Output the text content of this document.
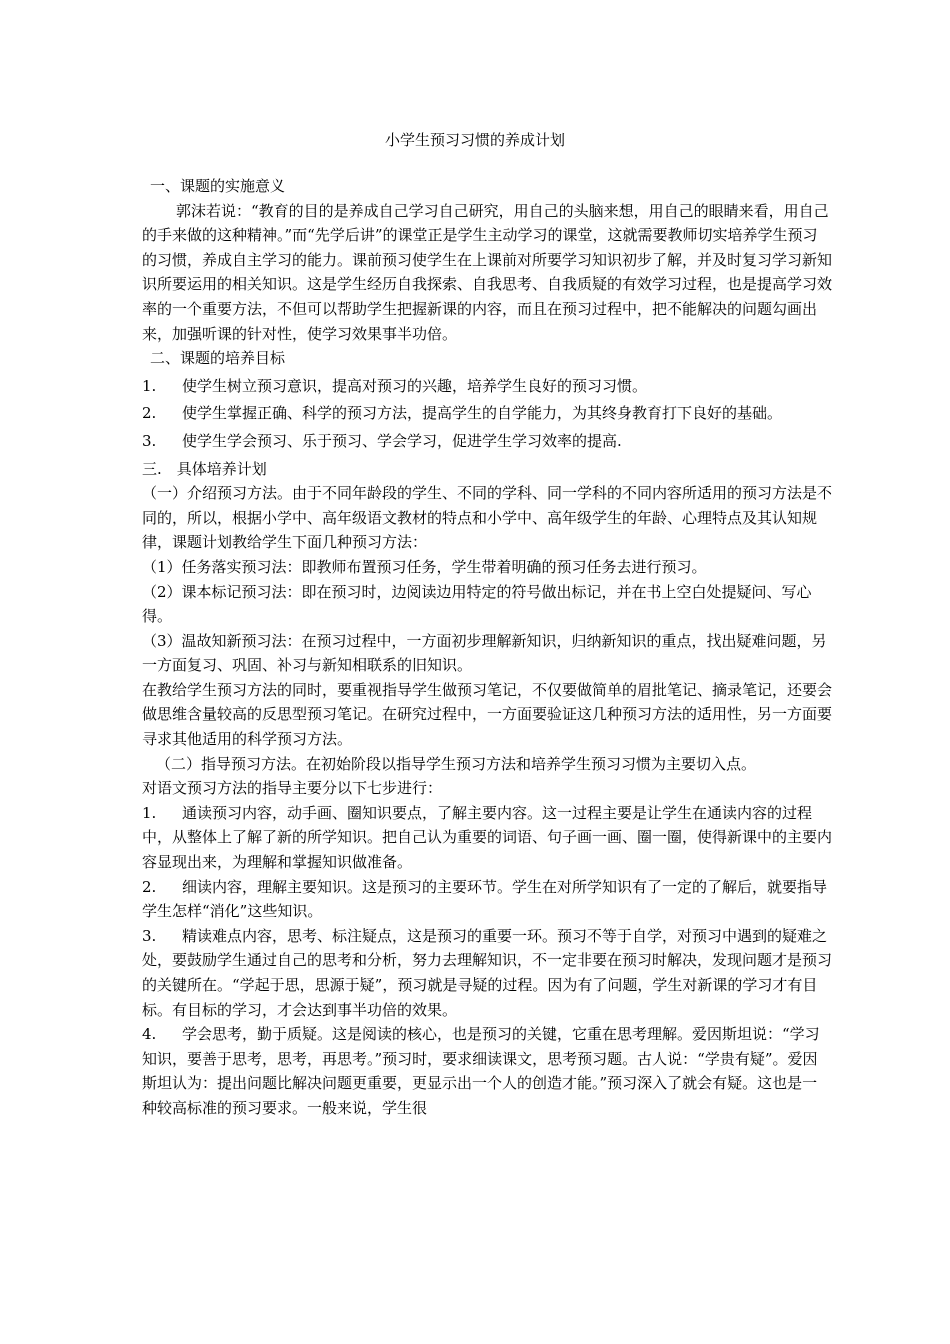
小学生预习习惯的养成计划

一、课题的实施意义

郭沫若说：“教育的目的是养成自己学习自己研究，用自己的头脑来想，用自己的眼睛来看，用自己的手来做的这种精神。”而“先学后讲”的课堂正是学生主动学习的课堂，这就需要教师切实培养学生预习的习惯，养成自主学习的能力。课前预习使学生在上课前对所要学习知识初步了解，并及时复习学习新知识所要运用的相关知识。这是学生经历自我探索、自我思考、自我质疑的有效学习过程，也是提高学习效率的一个重要方法，不但可以帮助学生把握新课的内容，而且在预习过程中，把不能解决的问题勾画出来，加强听课的针对性，使学习效果事半功倍。

二、课题的培养目标

1. 使学生树立预习意识，提高对预习的兴趣，培养学生良好的预习习惯。

2. 使学生掌握正确、科学的预习方法，提高学生的自学能力，为其终身教育打下良好的基础。

3. 使学生学会预习、乐于预习、学会学习，促进学生学习效率的提高.

三.　具体培养计划

（一）介绍预习方法。由于不同年龄段的学生、不同的学科、同一学科的不同内容所适用的预习方法是不同的，所以，根据小学中、高年级语文教材的特点和小学中、高年级学生的年龄、心理特点及其认知规律，课题计划教给学生下面几种预习方法：

（1）任务落实预习法：即教师布置预习任务，学生带着明确的预习任务去进行预习。

（2）课本标记预习法：即在预习时，边阅读边用特定的符号做出标记，并在书上空白处提疑问、写心得。

（3）温故知新预习法：在预习过程中，一方面初步理解新知识，归纳新知识的重点，找出疑难问题，另一方面复习、巩固、补习与新知相联系的旧知识。

在教给学生预习方法的同时，要重视指导学生做预习笔记，不仅要做简单的眉批笔记、摘录笔记，还要会做思维含量较高的反思型预习笔记。在研究过程中，一方面要验证这几种预习方法的适用性，另一方面要寻求其他适用的科学预习方法。

（二）指导预习方法。在初始阶段以指导学生预习方法和培养学生预习习惯为主要切入点。

对语文预习方法的指导主要分以下七步进行：

1. 通读预习内容，动手画、圈知识要点，了解主要内容。这一过程主要是让学生在通读内容的过程中，从整体上了解了新的所学知识。把自己认为重要的词语、句子画一画、圈一圈，使得新课中的主要内容显现出来，为理解和掌握知识做准备。

2. 细读内容，理解主要知识。这是预习的主要环节。学生在对所学知识有了一定的了解后，就要指导学生怎样“消化”这些知识。

3. 精读难点内容，思考、标注疑点，这是预习的重要一环。预习不等于自学，对预习中遇到的疑难之处，要鼓励学生通过自己的思考和分析，努力去理解知识，不一定非要在预习时解决，发现问题才是预习的关键所在。“学起于思，思源于疑”，预习就是寻疑的过程。因为有了问题，学生对新课的学习才有目标。有目标的学习，才会达到事半功倍的效果。

4. 学会思考，勤于质疑。这是阅读的核心，也是预习的关键，它重在思考理解。爱因斯坦说：“学习知识，要善于思考，思考，再思考。”预习时，要求细读课文，思考预习题。古人说：“学贵有疑”。爱因斯坦认为：提出问题比解决问题更重要，更显示出一个人的创造才能。”预习深入了就会有疑。这也是一种较高标准的预习要求。一般来说，学生很
